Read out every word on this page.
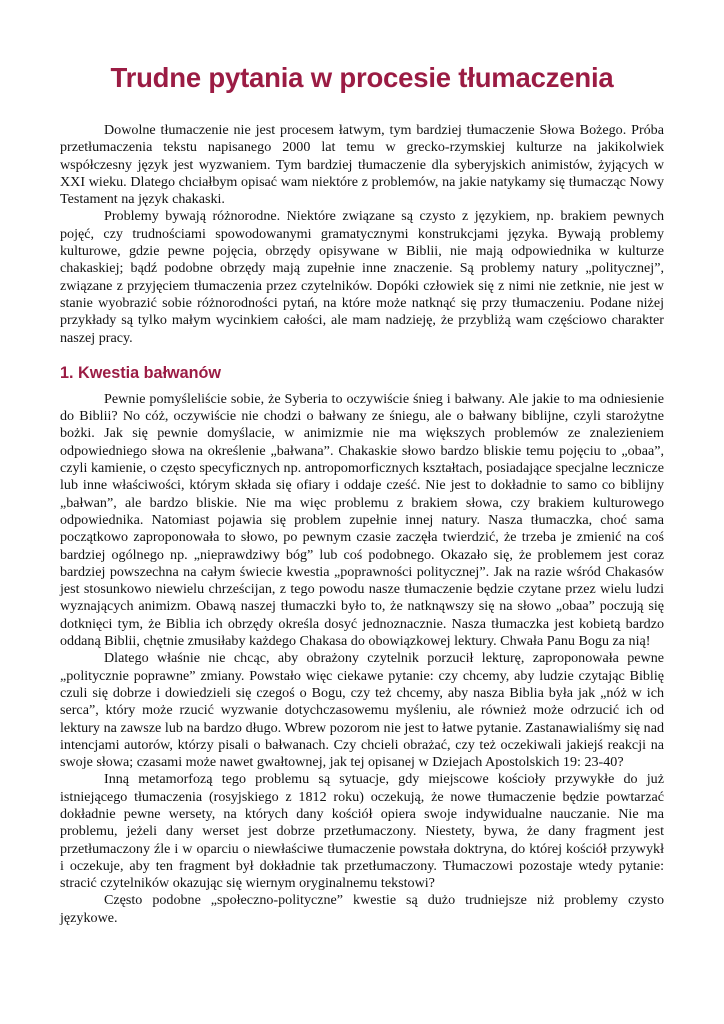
Trudne pytania w procesie tłumaczenia

Dowolne tłumaczenie nie jest procesem łatwym, tym bardziej tłumaczenie Słowa Bożego. Próba przetłumaczenia tekstu napisanego 2000 lat temu w grecko-rzymskiej kulturze na jakikolwiek współczesny język jest wyzwaniem. Tym bardziej tłumaczenie dla syberyjskich animistów, żyjących w XXI wieku. Dlatego chciałbym opisać wam niektóre z problemów, na jakie natykamy się tłumacząc Nowy Testament na język chakaski.

Problemy bywają różnorodne. Niektóre związane są czysto z językiem, np. brakiem pewnych pojęć, czy trudnościami spowodowanymi gramatycznymi konstrukcjami języka. Bywają problemy kulturowe, gdzie pewne pojęcia, obrzędy opisywane w Biblii, nie mają odpowiednika w kulturze chakaskiej; bądź podobne obrzędy mają zupełnie inne znaczenie. Są problemy natury „politycznej”, związane z przyjęciem tłumaczenia przez czytelników. Dopóki człowiek się z nimi nie zetknie, nie jest w stanie wyobrazić sobie różnorodności pytań, na które może natknąć się przy tłumaczeniu. Podane niżej przykłady są tylko małym wycinkiem całości, ale mam nadzieję, że przybliżą wam częściowo charakter naszej pracy.

1. Kwestia bałwanów

Pewnie pomyśleliście sobie, że Syberia to oczywiście śnieg i bałwany. Ale jakie to ma odniesienie do Biblii? No cóż, oczywiście nie chodzi o bałwany ze śniegu, ale o bałwany biblijne, czyli starożytne bożki. Jak się pewnie domyślacie, w animizmie nie ma większych problemów ze znalezieniem odpowiedniego słowa na określenie „bałwana”. Chakaskie słowo bardzo bliskie temu pojęciu to „obaa”, czyli kamienie, o często specyficznych np. antropomorficznych kształtach, posiadające specjalne lecznicze lub inne właściwości, którym składa się ofiary i oddaje cześć. Nie jest to dokładnie to samo co biblijny „bałwan”, ale bardzo bliskie. Nie ma więc problemu z brakiem słowa, czy brakiem kulturowego odpowiednika. Natomiast pojawia się problem zupełnie innej natury. Nasza tłumaczka, choć sama początkowo zaproponowała to słowo, po pewnym czasie zaczęła twierdzić, że trzeba je zmienić na coś bardziej ogólnego np. „nieprawdziwy bóg” lub coś podobnego. Okazało się, że problemem jest coraz bardziej powszechna na całym świecie kwestia „poprawności politycznej”. Jak na razie wśród Chakasów jest stosunkowo niewielu chrześcijan, z tego powodu nasze tłumaczenie będzie czytane przez wielu ludzi wyznających animizm. Obawą naszej tłumaczki było to, że natknąwszy się na słowo „obaa” poczują się dotknięci tym, że Biblia ich obrzędy określa dosyć jednoznacznie. Nasza tłumaczka jest kobietą bardzo oddaną Biblii, chętnie zmusiłaby każdego Chakasa do obowiązkowej lektury. Chwała Panu Bogu za nią!

Dlatego właśnie nie chcąc, aby obrażony czytelnik porzucił lekturę, zaproponowała pewne „politycznie poprawne” zmiany. Powstało więc ciekawe pytanie: czy chcemy, aby ludzie czytając Biblię czuli się dobrze i dowiedzieli się czegoś o Bogu, czy też chcemy, aby nasza Biblia była jak „nóż w ich serca”, który może rzucić wyzwanie dotychczasowemu myśleniu, ale również może odrzucić ich od lektury na zawsze lub na bardzo długo. Wbrew pozorom nie jest to łatwe pytanie. Zastanawialiśmy się nad intencjami autorów, którzy pisali o bałwanach. Czy chcieli obrażać, czy też oczekiwali jakiejś reakcji na swoje słowa; czasami może nawet gwałtownej, jak tej opisanej w Dziejach Apostolskich 19: 23-40?

Inną metamorfozą tego problemu są sytuacje, gdy miejscowe kościoły przywykłe do już istniejącego tłumaczenia (rosyjskiego z 1812 roku) oczekują, że nowe tłumaczenie będzie powtarzać dokładnie pewne wersety, na których dany kościół opiera swoje indywidualne nauczanie. Nie ma problemu, jeżeli dany werset jest dobrze przetłumaczony. Niestety, bywa, że dany fragment jest przetłumaczony źle i w oparciu o niewłaściwe tłumaczenie powstała doktryna, do której kościół przywykł i oczekuje, aby ten fragment był dokładnie tak przetłumaczony. Tłumaczowi pozostaje wtedy pytanie: stracić czytelników okazując się wiernym oryginalnemu tekstowi?

Często podobne „społeczno-polityczne” kwestie są dużo trudniejsze niż problemy czysto językowe.
